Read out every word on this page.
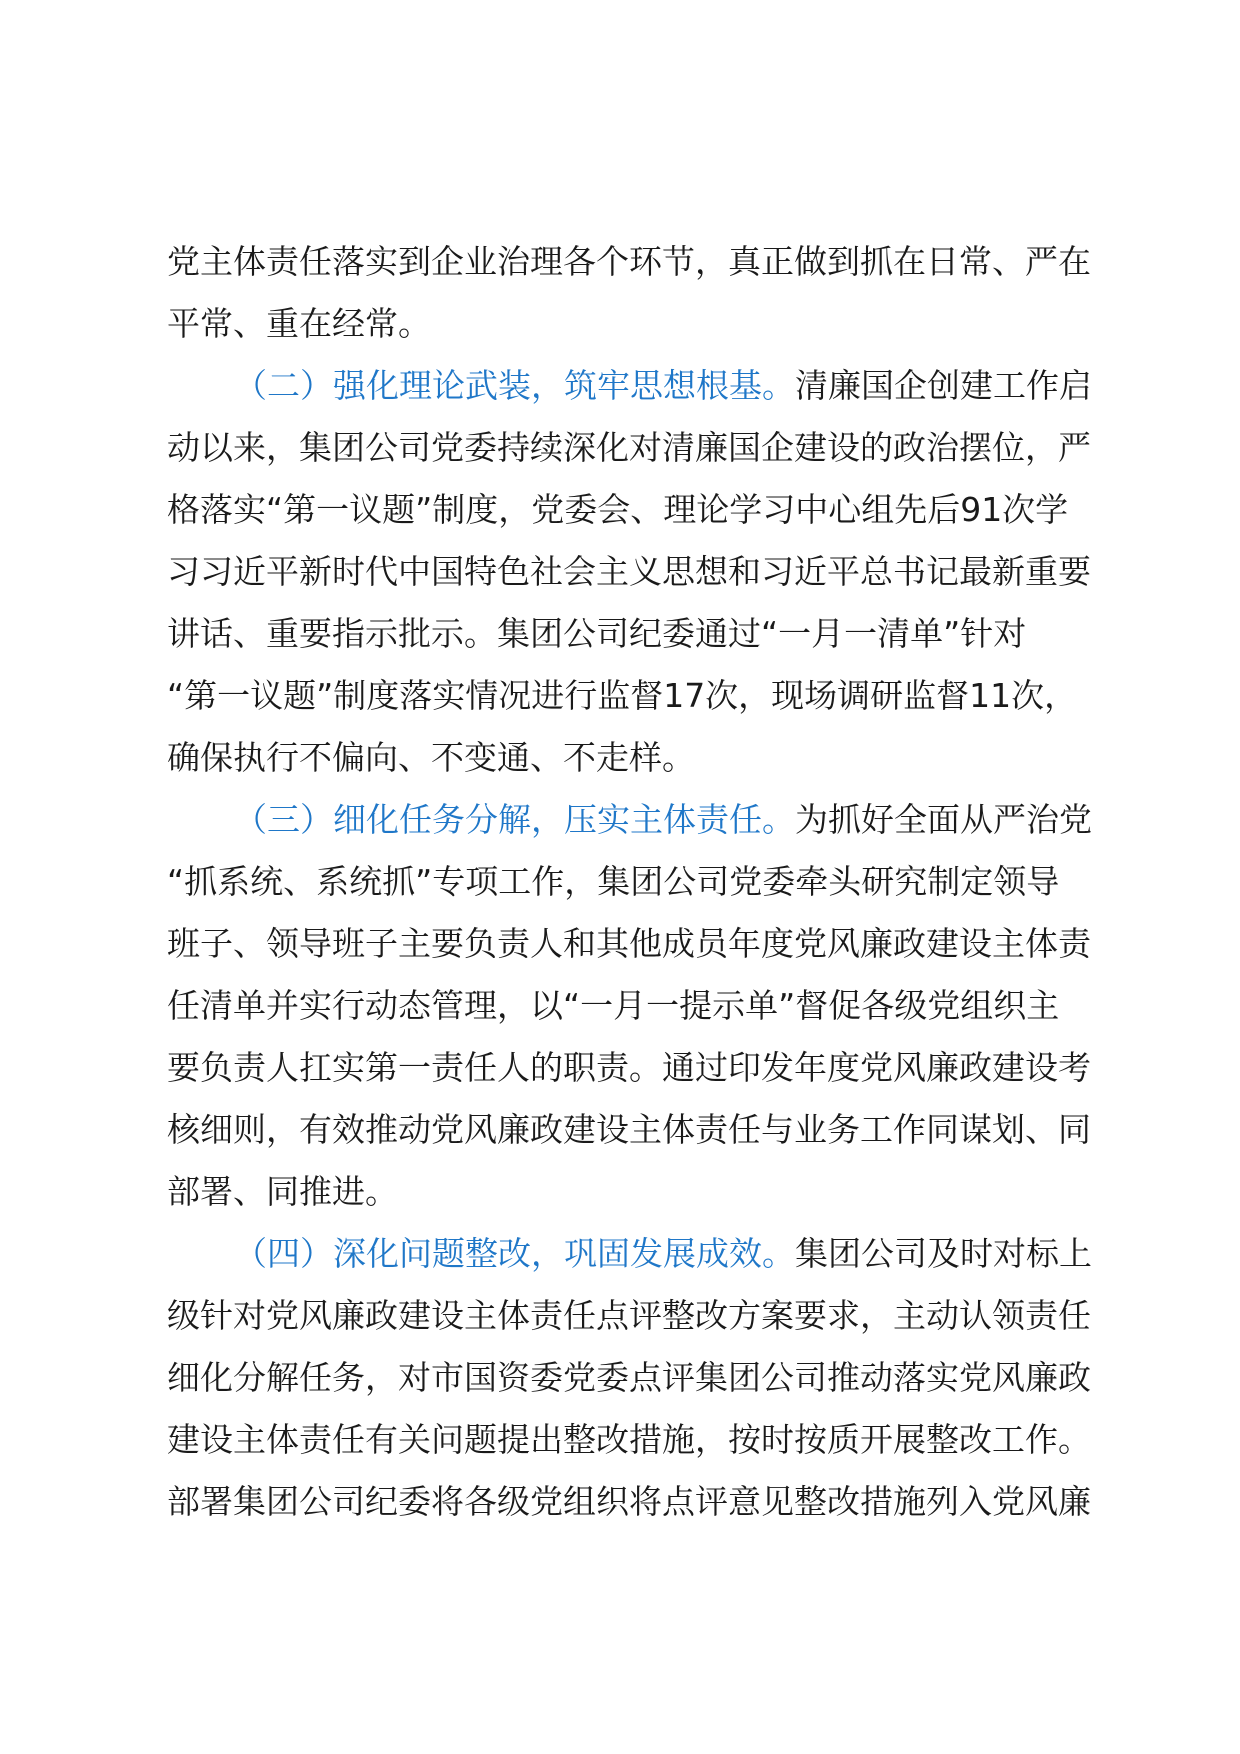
党主体责任落实到企业治理各个环节，真正做到抓在日常、严在
平常、重在经常。
（二）强化理论武装，筑牢思想根基。清廉国企创建工作启
动以来，集团公司党委持续深化对清廉国企建设的政治摆位，严
格落实“第一议题”制度，党委会、理论学习中心组先后91次学
习习近平新时代中国特色社会主义思想和习近平总书记最新重要
讲话、重要指示批示。集团公司纪委通过“一月一清单”针对
“第一议题”制度落实情况进行监督17次，现场调研监督11次，
确保执行不偏向、不变通、不走样。
（三）细化任务分解，压实主体责任。为抓好全面从严治党
“抓系统、系统抓”专项工作，集团公司党委牵头研究制定领导
班子、领导班子主要负责人和其他成员年度党风廉政建设主体责
任清单并实行动态管理，以“一月一提示单”督促各级党组织主
要负责人扛实第一责任人的职责。通过印发年度党风廉政建设考
核细则，有效推动党风廉政建设主体责任与业务工作同谋划、同
部署、同推进。
（四）深化问题整改，巩固发展成效。集团公司及时对标上
级针对党风廉政建设主体责任点评整改方案要求，主动认领责任
细化分解任务，对市国资委党委点评集团公司推动落实党风廉政
建设主体责任有关问题提出整改措施，按时按质开展整改工作。
部署集团公司纪委将各级党组织将点评意见整改措施列入党风廉
